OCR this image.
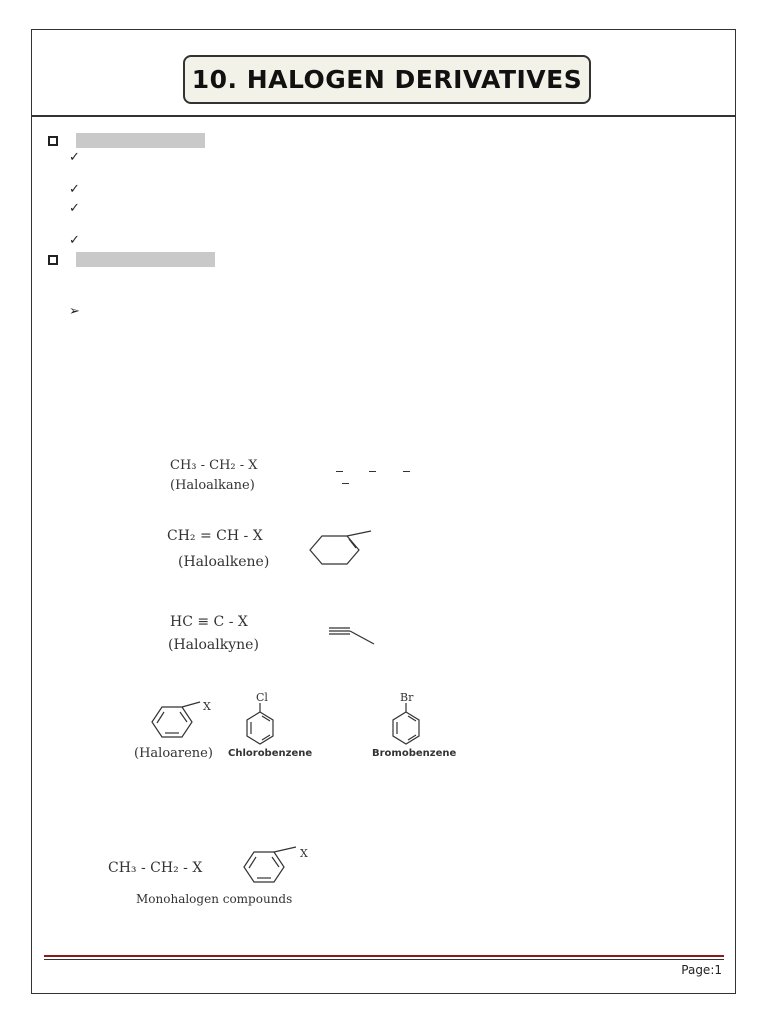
10. HALOGEN DERIVATIVES
✓
✓
✓
✓
➢
CH₃ - CH₂ - X
(Haloalkane)
CH₂ = CH - X
(Haloalkene)
HC ≡ C - X
(Haloalkyne)
X
(Haloarene)
Cl
Chlorobenzene
Br
Bromobenzene
CH₃ - CH₂ - X
X
Monohalogen compounds
Page:1
